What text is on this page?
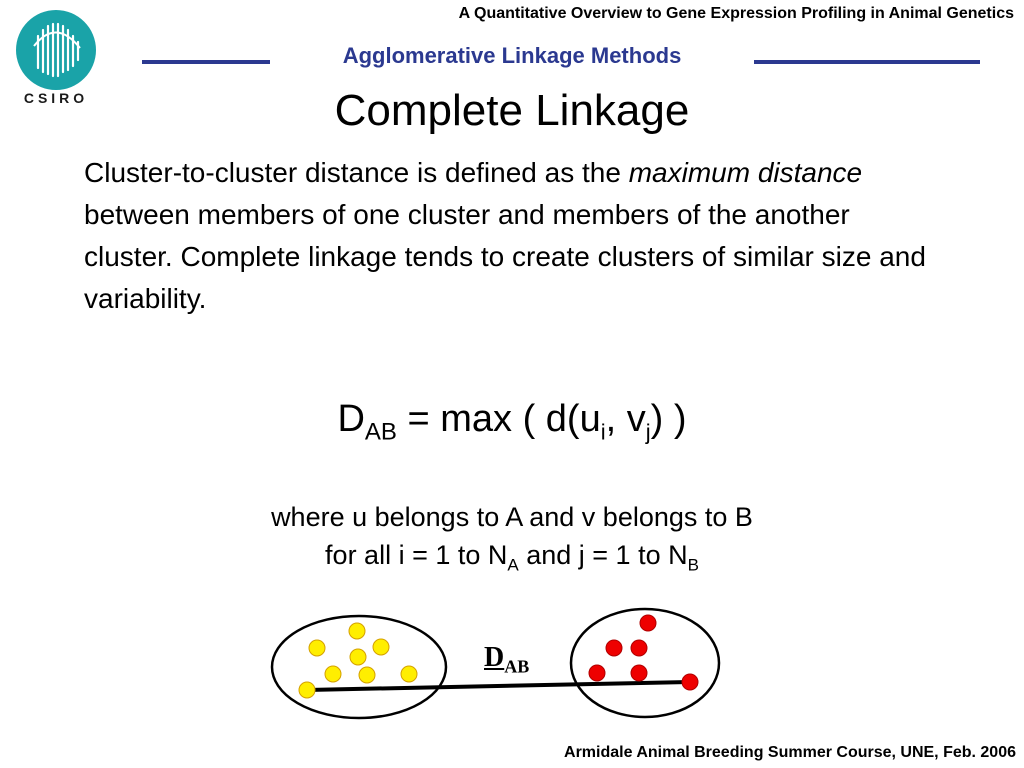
A Quantitative Overview to Gene Expression Profiling in Animal Genetics
CSIRO
Agglomerative Linkage Methods
Complete Linkage
Cluster-to-cluster distance is defined as the maximum distance between members of one cluster and members of the another cluster. Complete linkage tends to create clusters of similar size and variability.
$D_{AB} = \max$ ( $d(u_i$, $v_j$) )
where u belongs to A and v belongs to B
for all i = 1 to $N_A$ and j = 1 to $N_B$
$D_{AB}$
Armidale Animal Breeding Summer Course, UNE, Feb. 2006
